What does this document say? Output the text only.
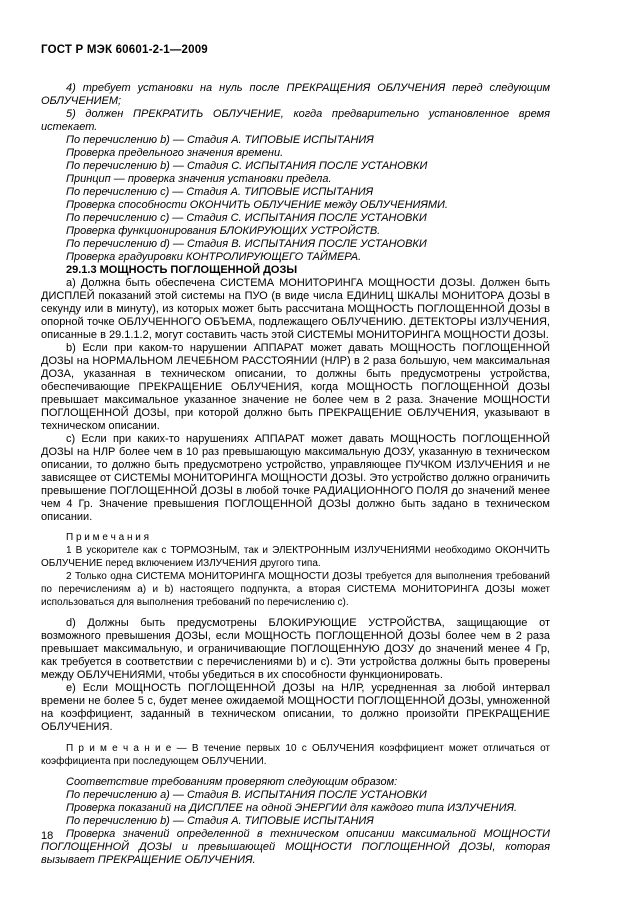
ГОСТ Р МЭК 60601-2-1—2009

4) требует установки на нуль после ПРЕКРАЩЕНИЯ ОБЛУЧЕНИЯ перед следующим ОБЛУЧЕНИЕМ;

5) должен ПРЕКРАТИТЬ ОБЛУЧЕНИЕ, когда предварительно установленное время истекает.

По перечислению b) — Стадия А. ТИПОВЫЕ ИСПЫТАНИЯ

Проверка предельного значения времени.

По перечислению b) — Стадия С. ИСПЫТАНИЯ ПОСЛЕ УСТАНОВКИ

Принцип — проверка значения установки предела.

По перечислению с) — Стадия А. ТИПОВЫЕ ИСПЫТАНИЯ

Проверка способности ОКОНЧИТЬ ОБЛУЧЕНИЕ между ОБЛУЧЕНИЯМИ.

По перечислению с) — Стадия С. ИСПЫТАНИЯ ПОСЛЕ УСТАНОВКИ

Проверка функционирования БЛОКИРУЮЩИХ УСТРОЙСТВ.

По перечислению d) — Стадия В. ИСПЫТАНИЯ ПОСЛЕ УСТАНОВКИ

Проверка градуировки КОНТРОЛИРУЮЩЕГО ТАЙМЕРА.

29.1.3 МОЩНОСТЬ ПОГЛОЩЕННОЙ ДОЗЫ

а) Должна быть обеспечена СИСТЕМА МОНИТОРИНГА МОЩНОСТИ ДОЗЫ. Должен быть ДИСПЛЕЙ показаний этой системы на ПУО (в виде числа ЕДИНИЦ ШКАЛЫ МОНИТОРА ДОЗЫ в секунду или в минуту), из которых может быть рассчитана МОЩНОСТЬ ПОГЛОЩЕННОЙ ДОЗЫ в опорной точке ОБЛУЧЕННОГО ОБЪЕМА, подлежащего ОБЛУЧЕНИЮ. ДЕТЕКТОРЫ ИЗЛУЧЕНИЯ, описанные в 29.1.1.2, могут составить часть этой СИСТЕМЫ МОНИТОРИНГА МОЩНОСТИ ДОЗЫ.

b) Если при каком-то нарушении АППАРАТ может давать МОЩНОСТЬ ПОГЛОЩЕННОЙ ДОЗЫ на НОРМАЛЬНОМ ЛЕЧЕБНОМ РАССТОЯНИИ (НЛР) в 2 раза большую, чем максимальная ДОЗА, указанная в техническом описании, то должны быть предусмотрены устройства, обеспечивающие ПРЕКРАЩЕНИЕ ОБЛУЧЕНИЯ, когда МОЩНОСТЬ ПОГЛОЩЕННОЙ ДОЗЫ превышает максимальное указанное значение не более чем в 2 раза. Значение МОЩНОСТИ ПОГЛОЩЕННОЙ ДОЗЫ, при которой должно быть ПРЕКРАЩЕНИЕ ОБЛУЧЕНИЯ, указывают в техническом описании.

с) Если при каких-то нарушениях АППАРАТ может давать МОЩНОСТЬ ПОГЛОЩЕННОЙ ДОЗЫ на НЛР более чем в 10 раз превышающую максимальную ДОЗУ, указанную в техническом описании, то должно быть предусмотрено устройство, управляющее ПУЧКОМ ИЗЛУЧЕНИЯ и не зависящее от СИСТЕМЫ МОНИТОРИНГА МОЩНОСТИ ДОЗЫ. Это устройство должно ограничить превышение ПОГЛОЩЕННОЙ ДОЗЫ в любой точке РАДИАЦИОННОГО ПОЛЯ до значений менее чем 4 Гр. Значение превышения ПОГЛОЩЕННОЙ ДОЗЫ должно быть задано в техническом описании.

П р и м е ч а н и я

1 В ускорителе как с ТОРМОЗНЫМ, так и ЭЛЕКТРОННЫМ ИЗЛУЧЕНИЯМИ необходимо ОКОНЧИТЬ ОБЛУЧЕНИЕ перед включением ИЗЛУЧЕНИЯ другого типа.

2 Только одна СИСТЕМА МОНИТОРИНГА МОЩНОСТИ ДОЗЫ требуется для выполнения требований по перечислениям a) и b) настоящего подпункта, а вторая СИСТЕМА МОНИТОРИНГА ДОЗЫ может использоваться для выполнения требований по перечислению с).

d) Должны быть предусмотрены БЛОКИРУЮЩИЕ УСТРОЙСТВА, защищающие от возможного превышения ДОЗЫ, если МОЩНОСТЬ ПОГЛОЩЕННОЙ ДОЗЫ более чем в 2 раза превышает максимальную, и ограничивающие ПОГЛОЩЕННУЮ ДОЗУ до значений менее 4 Гр, как требуется в соответствии с перечислениями b) и с). Эти устройства должны быть проверены между ОБЛУЧЕНИЯМИ, чтобы убедиться в их способности функционировать.

е) Если МОЩНОСТЬ ПОГЛОЩЕННОЙ ДОЗЫ на НЛР, усредненная за любой интервал времени не более 5 с, будет менее ожидаемой МОЩНОСТИ ПОГЛОЩЕННОЙ ДОЗЫ, умноженной на коэффициент, заданный в техническом описании, то должно произойти ПРЕКРАЩЕНИЕ ОБЛУЧЕНИЯ.

П р и м е ч а н и е — В течение первых 10 с ОБЛУЧЕНИЯ коэффициент может отличаться от коэффициента при последующем ОБЛУЧЕНИИ.

Соответствие требованиям проверяют следующим образом:

По перечислению а) — Стадия В. ИСПЫТАНИЯ ПОСЛЕ УСТАНОВКИ

Проверка показаний на ДИСПЛЕЕ на одной ЭНЕРГИИ для каждого типа ИЗЛУЧЕНИЯ.

По перечислению b) — Стадия А. ТИПОВЫЕ ИСПЫТАНИЯ

Проверка значений определенной в техническом описании максимальной МОЩНОСТИ ПОГЛОЩЕННОЙ ДОЗЫ и превышающей МОЩНОСТИ ПОГЛОЩЕННОЙ ДОЗЫ, которая вызывает ПРЕКРАЩЕНИЕ ОБЛУЧЕНИЯ.

18
